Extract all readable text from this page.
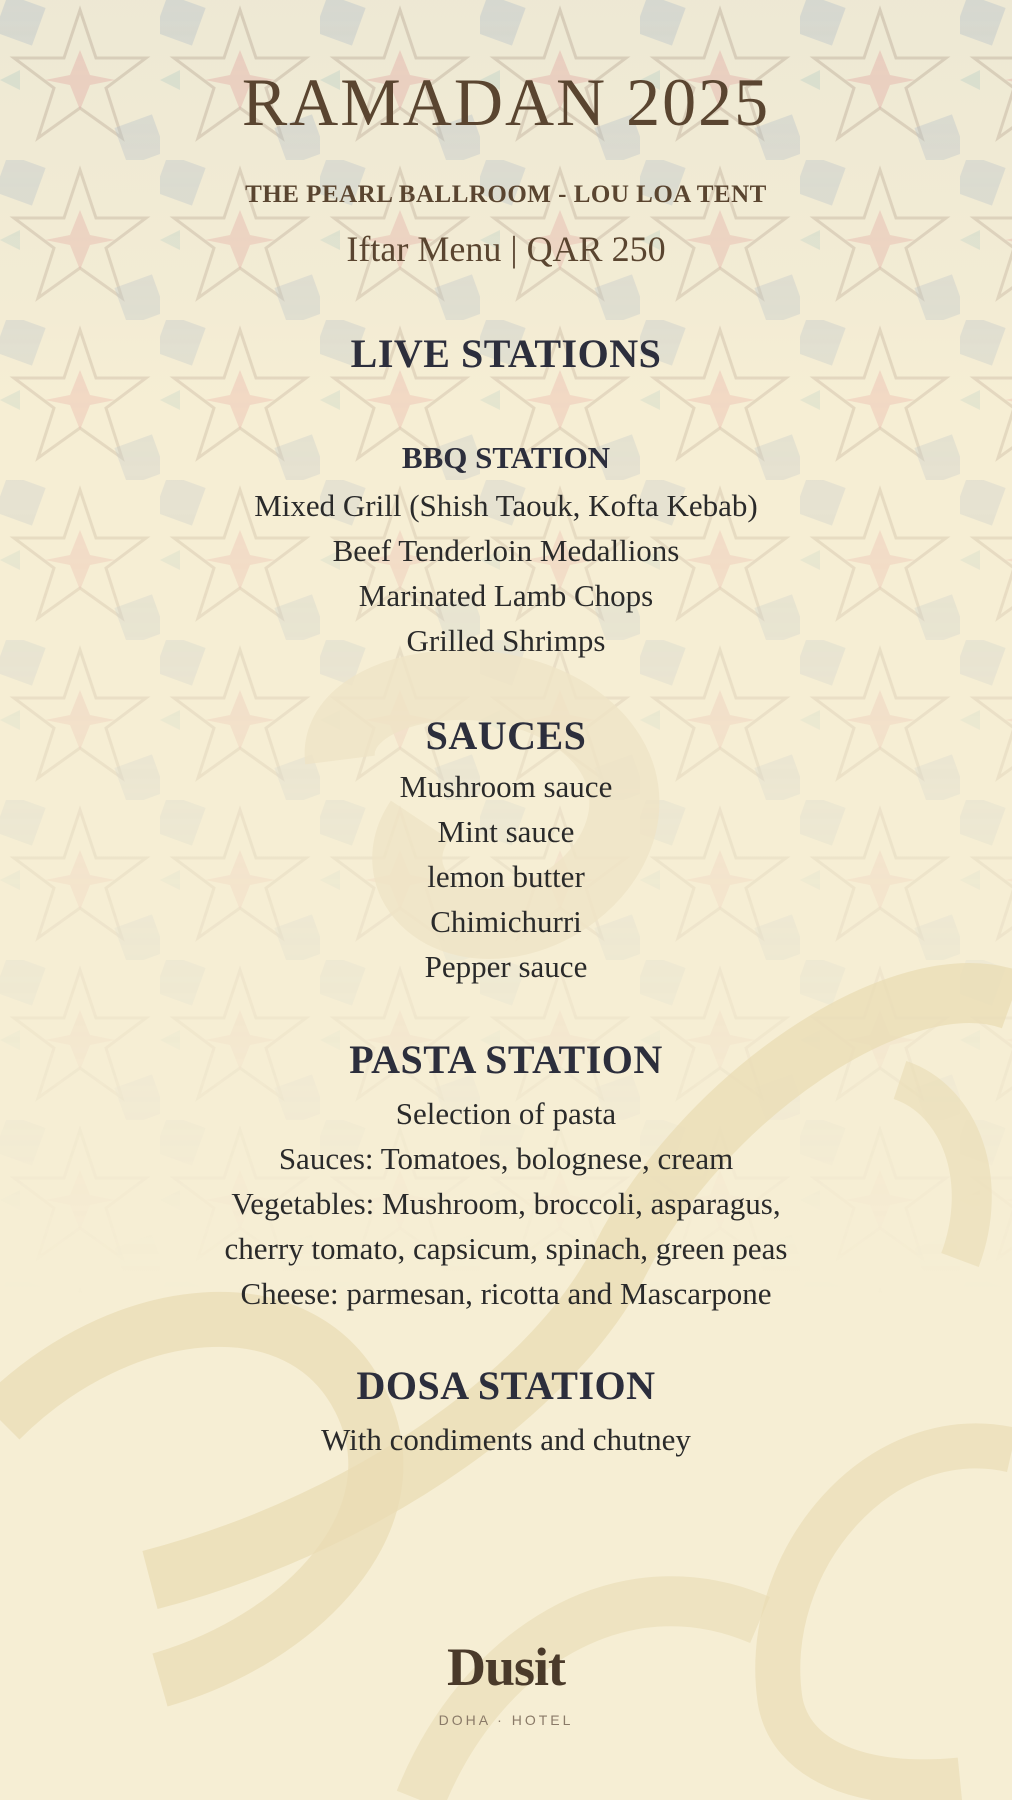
RAMADAN 2025
THE PEARL BALLROOM - LOU LOA TENT
Iftar Menu | QAR 250
LIVE STATIONS
BBQ STATION
Mixed Grill (Shish Taouk, Kofta Kebab)
Beef Tenderloin Medallions
Marinated Lamb Chops
Grilled Shrimps
SAUCES
Mushroom sauce
Mint sauce
lemon butter
Chimichurri
Pepper sauce
PASTA STATION
Selection of pasta
Sauces: Tomatoes, bolognese, cream
Vegetables: Mushroom, broccoli, asparagus,
cherry tomato, capsicum, spinach, green peas
Cheese: parmesan, ricotta and Mascarpone
DOSA STATION
With condiments and chutney
Dusit
DOHA · HOTEL
